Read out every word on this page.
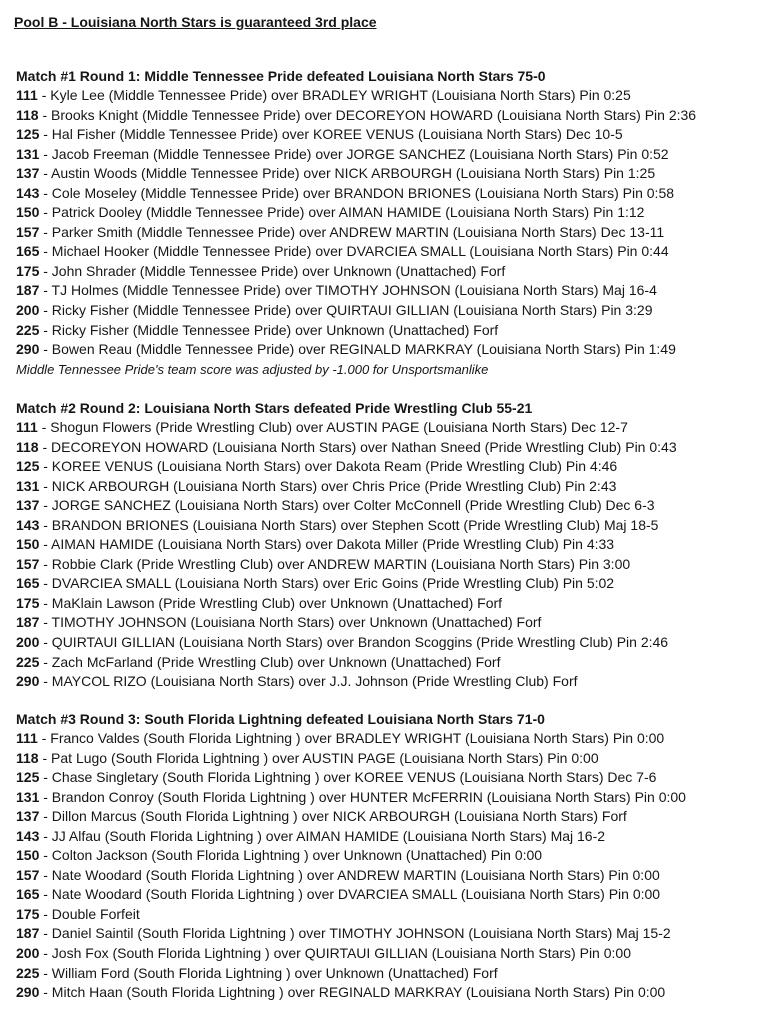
Pool B - Louisiana North Stars is guaranteed 3rd place
Match #1 Round 1: Middle Tennessee Pride defeated Louisiana North Stars 75-0
111 - Kyle Lee (Middle Tennessee Pride) over BRADLEY WRIGHT (Louisiana North Stars) Pin 0:25
118 - Brooks Knight (Middle Tennessee Pride) over DECOREYON HOWARD (Louisiana North Stars) Pin 2:36
125 - Hal Fisher (Middle Tennessee Pride) over KOREE VENUS (Louisiana North Stars) Dec 10-5
131 - Jacob Freeman (Middle Tennessee Pride) over JORGE SANCHEZ (Louisiana North Stars) Pin 0:52
137 - Austin Woods (Middle Tennessee Pride) over NICK ARBOURGH (Louisiana North Stars) Pin 1:25
143 - Cole Moseley (Middle Tennessee Pride) over BRANDON BRIONES (Louisiana North Stars) Pin 0:58
150 - Patrick Dooley (Middle Tennessee Pride) over AIMAN HAMIDE (Louisiana North Stars) Pin 1:12
157 - Parker Smith (Middle Tennessee Pride) over ANDREW MARTIN (Louisiana North Stars) Dec 13-11
165 - Michael Hooker (Middle Tennessee Pride) over DVARCIEA SMALL (Louisiana North Stars) Pin 0:44
175 - John Shrader (Middle Tennessee Pride) over Unknown (Unattached) Forf
187 - TJ Holmes (Middle Tennessee Pride) over TIMOTHY JOHNSON (Louisiana North Stars) Maj 16-4
200 - Ricky Fisher (Middle Tennessee Pride) over QUIRTAUI GILLIAN (Louisiana North Stars) Pin 3:29
225 - Ricky Fisher (Middle Tennessee Pride) over Unknown (Unattached) Forf
290 - Bowen Reau (Middle Tennessee Pride) over REGINALD MARKRAY (Louisiana North Stars) Pin 1:49
Middle Tennessee Pride's team score was adjusted by -1.000 for Unsportsmanlike
Match #2 Round 2: Louisiana North Stars defeated Pride Wrestling Club 55-21
111 - Shogun Flowers (Pride Wrestling Club) over AUSTIN PAGE (Louisiana North Stars) Dec 12-7
118 - DECOREYON HOWARD (Louisiana North Stars) over Nathan Sneed (Pride Wrestling Club) Pin 0:43
125 - KOREE VENUS (Louisiana North Stars) over Dakota Ream (Pride Wrestling Club) Pin 4:46
131 - NICK ARBOURGH (Louisiana North Stars) over Chris Price (Pride Wrestling Club) Pin 2:43
137 - JORGE SANCHEZ (Louisiana North Stars) over Colter McConnell (Pride Wrestling Club) Dec 6-3
143 - BRANDON BRIONES (Louisiana North Stars) over Stephen Scott (Pride Wrestling Club) Maj 18-5
150 - AIMAN HAMIDE (Louisiana North Stars) over Dakota Miller (Pride Wrestling Club) Pin 4:33
157 - Robbie Clark (Pride Wrestling Club) over ANDREW MARTIN (Louisiana North Stars) Pin 3:00
165 - DVARCIEA SMALL (Louisiana North Stars) over Eric Goins (Pride Wrestling Club) Pin 5:02
175 - MaKlain Lawson (Pride Wrestling Club) over Unknown (Unattached) Forf
187 - TIMOTHY JOHNSON (Louisiana North Stars) over Unknown (Unattached) Forf
200 - QUIRTAUI GILLIAN (Louisiana North Stars) over Brandon Scoggins (Pride Wrestling Club) Pin 2:46
225 - Zach McFarland (Pride Wrestling Club) over Unknown (Unattached) Forf
290 - MAYCOL RIZO (Louisiana North Stars) over J.J. Johnson (Pride Wrestling Club) Forf
Match #3 Round 3: South Florida Lightning defeated Louisiana North Stars 71-0
111 - Franco Valdes (South Florida Lightning ) over BRADLEY WRIGHT (Louisiana North Stars) Pin 0:00
118 - Pat Lugo (South Florida Lightning ) over AUSTIN PAGE (Louisiana North Stars) Pin 0:00
125 - Chase Singletary (South Florida Lightning ) over KOREE VENUS (Louisiana North Stars) Dec 7-6
131 - Brandon Conroy (South Florida Lightning ) over HUNTER McFERRIN (Louisiana North Stars) Pin 0:00
137 - Dillon Marcus (South Florida Lightning ) over NICK ARBOURGH (Louisiana North Stars) Forf
143 - JJ Alfau (South Florida Lightning ) over AIMAN HAMIDE (Louisiana North Stars) Maj 16-2
150 - Colton Jackson (South Florida Lightning ) over Unknown (Unattached) Pin 0:00
157 - Nate Woodard (South Florida Lightning ) over ANDREW MARTIN (Louisiana North Stars) Pin 0:00
165 - Nate Woodard (South Florida Lightning ) over DVARCIEA SMALL (Louisiana North Stars) Pin 0:00
175 - Double Forfeit
187 - Daniel Saintil (South Florida Lightning ) over TIMOTHY JOHNSON (Louisiana North Stars) Maj 15-2
200 - Josh Fox (South Florida Lightning ) over QUIRTAUI GILLIAN (Louisiana North Stars) Pin 0:00
225 - William Ford (South Florida Lightning ) over Unknown (Unattached) Forf
290 - Mitch Haan (South Florida Lightning ) over REGINALD MARKRAY (Louisiana North Stars) Pin 0:00
